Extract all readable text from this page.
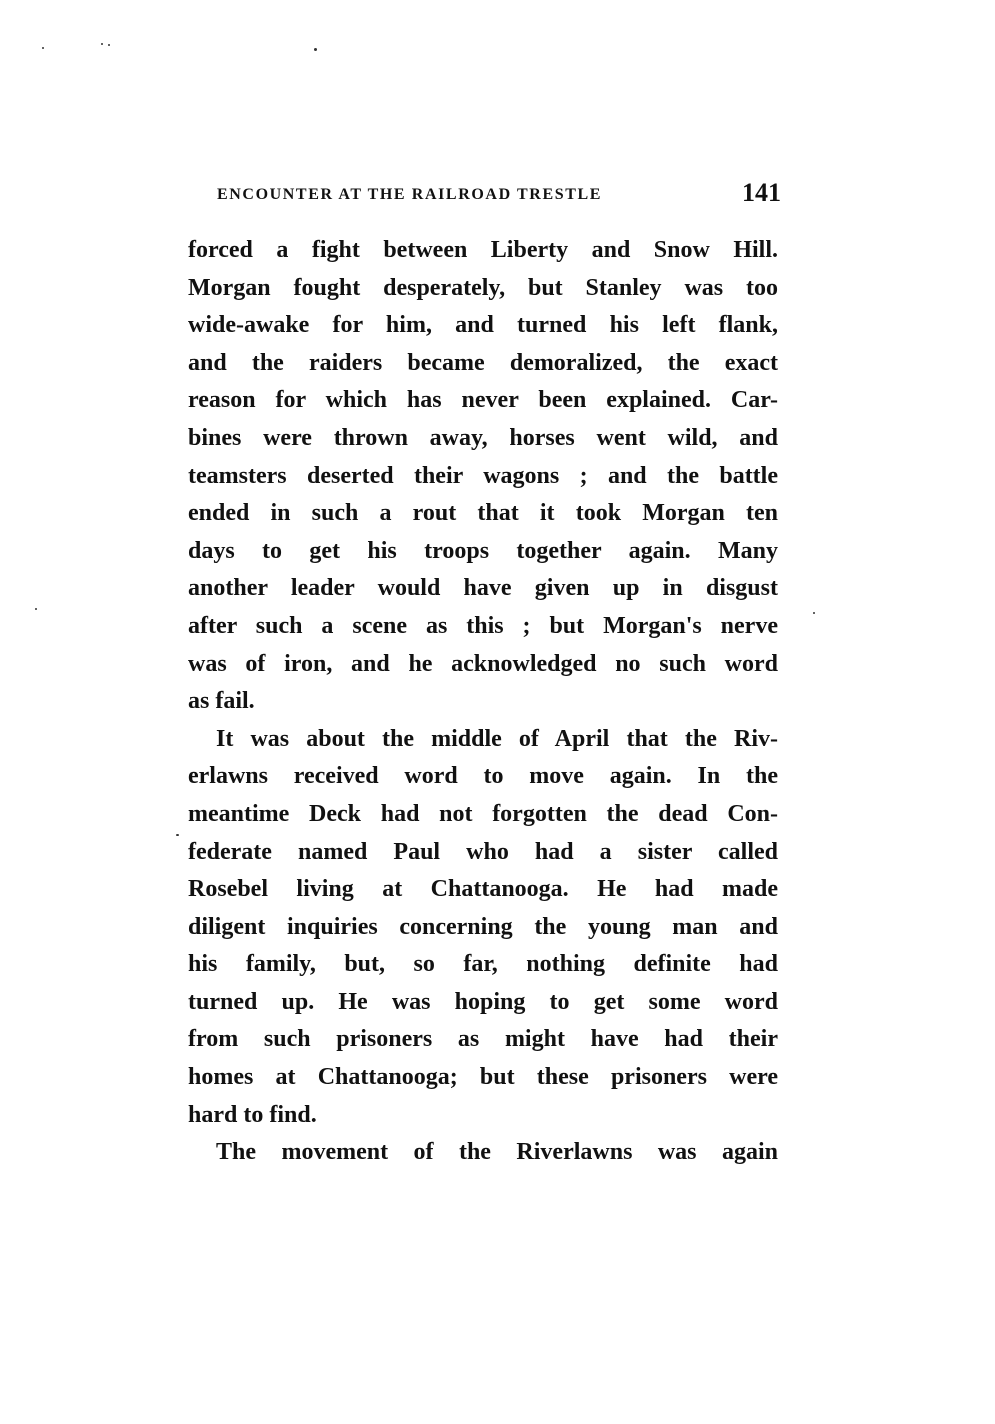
ENCOUNTER AT THE RAILROAD TRESTLE	141
forced a fight between Liberty and Snow Hill.
Morgan fought desperately, but Stanley was too
wide-awake for him, and turned his left flank,
and the raiders became demoralized, the exact
reason for which has never been explained. Car-
bines were thrown away, horses went wild, and
teamsters deserted their wagons ; and the battle
ended in such a rout that it took Morgan ten
days to get his troops together again. Many
another leader would have given up in disgust
after such a scene as this ; but Morgan's nerve
was of iron, and he acknowledged no such word
as fail.
It was about the middle of April that the Riv-
erlawns received word to move again. In the
meantime Deck had not forgotten the dead Con-
federate named Paul who had a sister called
Rosebel living at Chattanooga. He had made
diligent inquiries concerning the young man and
his family, but, so far, nothing definite had
turned up. He was hoping to get some word
from such prisoners as might have had their
homes at Chattanooga; but these prisoners were
hard to find.
The movement of the Riverlawns was again
